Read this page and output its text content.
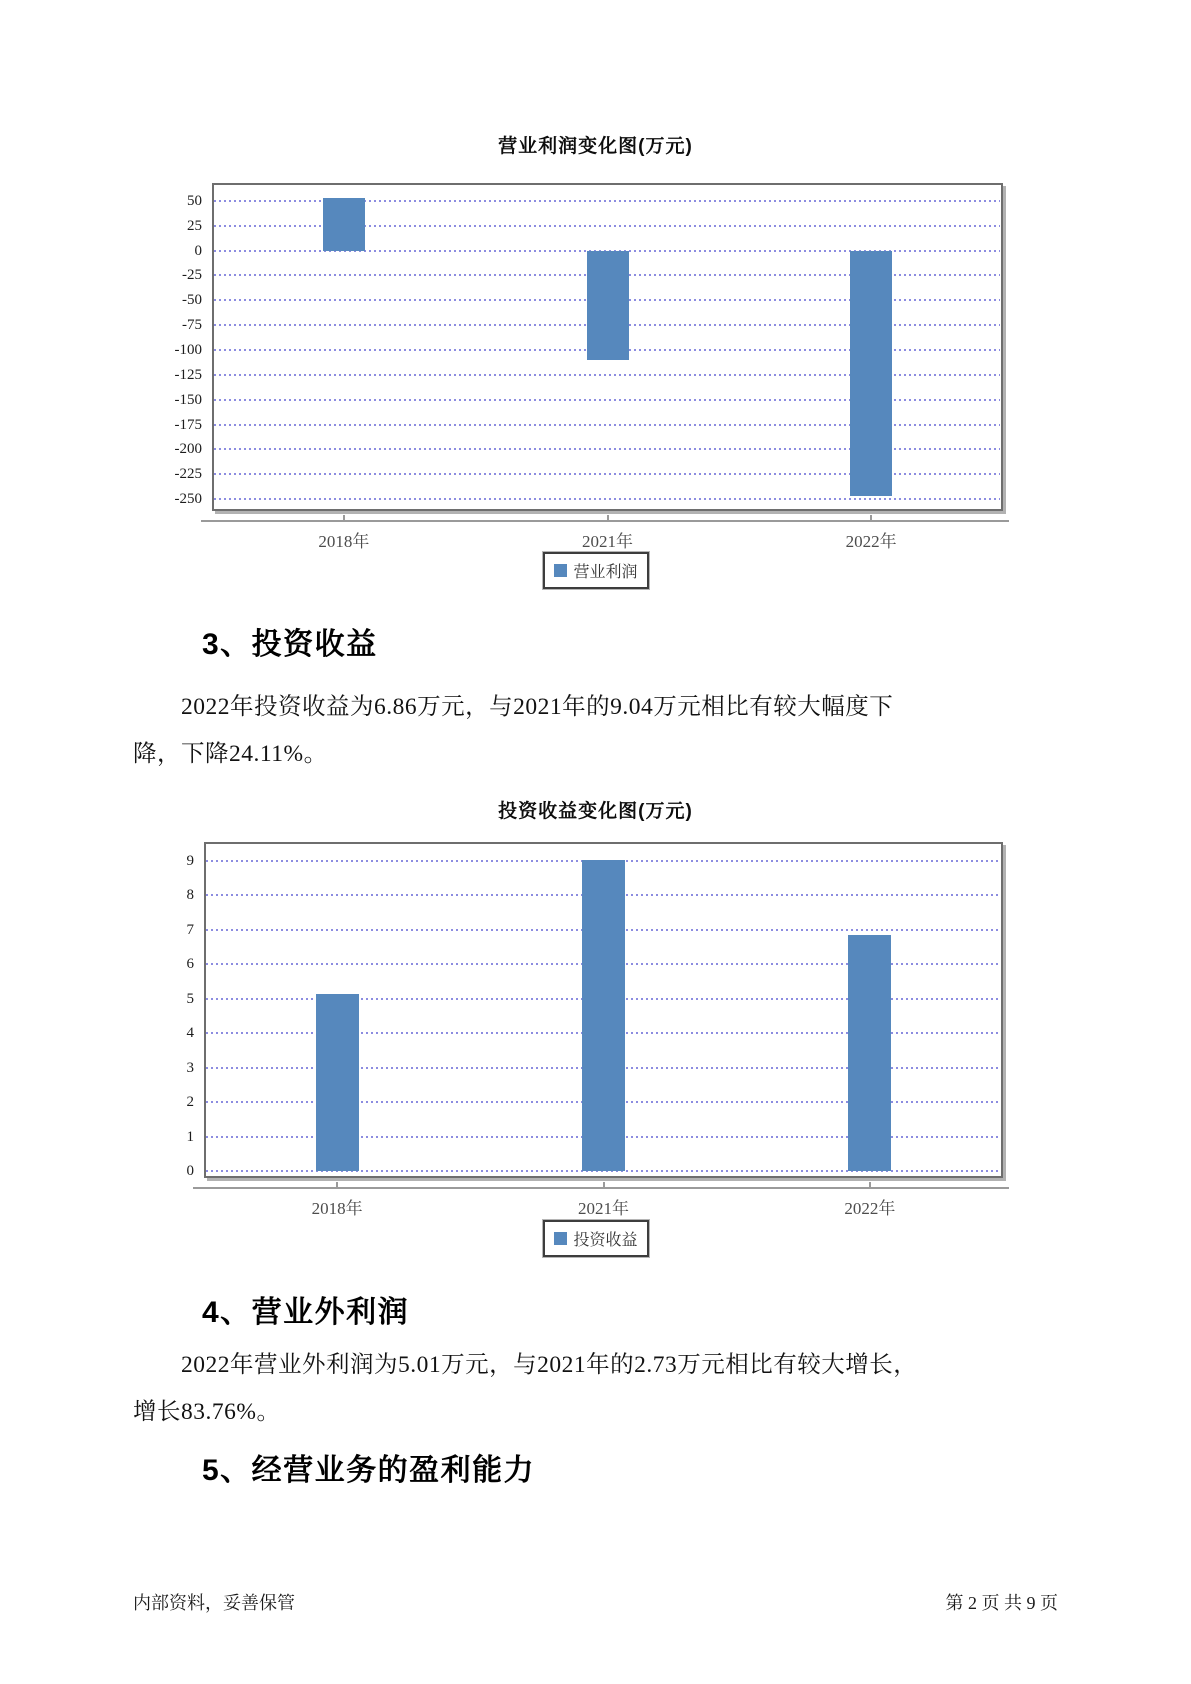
营业利润变化图(万元)
50
25
0
-25
-50
-75
-100
-125
-150
-175
-200
-225
-250
2018年	2021年	2022年
营业利润
3、投资收益
2022年投资收益为6.86万元，与2021年的9.04万元相比有较大幅度下
降，下降24.11%。
投资收益变化图(万元)
9
8
7
6
5
4
3
2
1
0
2018年	2021年	2022年
投资收益
4、营业外利润
2022年营业外利润为5.01万元，与2021年的2.73万元相比有较大增长，
增长83.76%。
5、经营业务的盈利能力
内部资料，妥善保管	第 2 页 共 9 页
